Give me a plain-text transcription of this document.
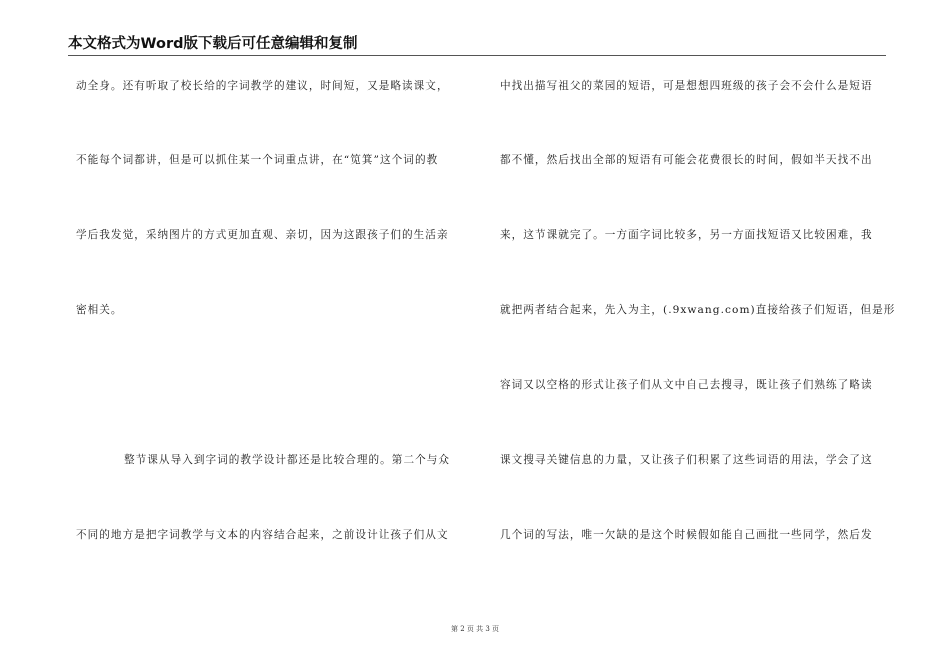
本文格式为Word版下载后可任意编辑和复制
动全身。还有听取了校长给的字词教学的建议，时间短，又是略读课文，
不能每个词都讲，但是可以抓住某一个词重点讲，在“笕箕”这个词的教
学后我发觉，采纳图片的方式更加直观、亲切，因为这跟孩子们的生活亲
密相关。
整节课从导入到字词的教学设计都还是比较合理的。第二个与众
不同的地方是把字词教学与文本的内容结合起来，之前设计让孩子们从文
中找出描写祖父的菜园的短语，可是想想四班级的孩子会不会什么是短语
都不懂，然后找出全部的短语有可能会花费很长的时间，假如半天找不出
来，这节课就完了。一方面字词比较多，另一方面找短语又比较困难，我
就把两者结合起来，先入为主，(.9xwang.com)直接给孩子们短语，但是形
容词又以空格的形式让孩子们从文中自己去搜寻，既让孩子们熟练了略读
课文搜寻关键信息的力量，又让孩子们积累了这些词语的用法，学会了这
几个词的写法，唯一欠缺的是这个时候假如能自己画批一些同学，然后发
第 2 页 共 3 页
